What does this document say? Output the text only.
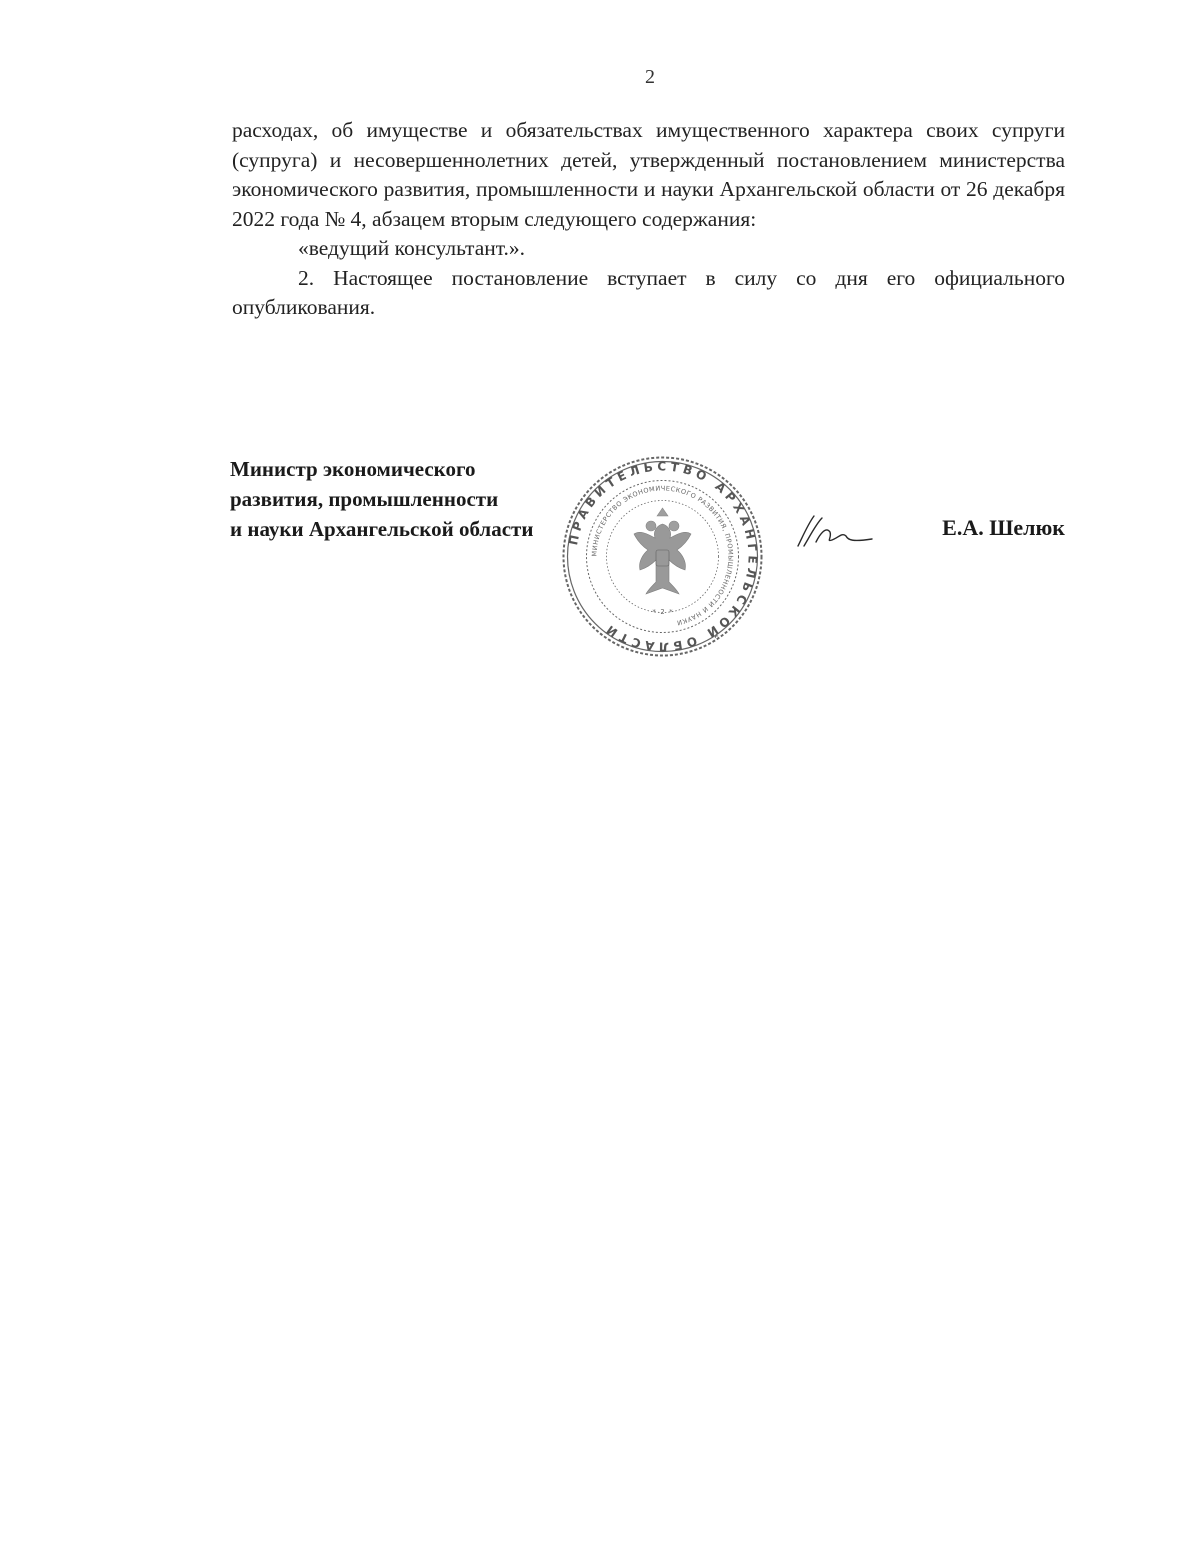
2

расходах, об имуществе и обязательствах имущественного характера своих супруги (супруга) и несовершеннолетних детей, утвержденный постановлением министерства экономического развития, промышленности и науки Архангельской области от 26 декабря 2022 года № 4, абзацем вторым следующего содержания:

«ведущий консультант.».

2. Настоящее постановление вступает в силу со дня его официального опубликования.

ПРАВИТЕЛЬСТВО АРХАНГЕЛЬСКОЙ ОБЛАСТИ
МИНИСТЕРСТВО ЭКОНОМИЧЕСКОГО РАЗВИТИЯ, ПРОМЫШЛЕННОСТИ И НАУКИ
* 2 *
Министр экономического
развития, промышленности
и науки Архангельской области	Е.А. Шелюк
